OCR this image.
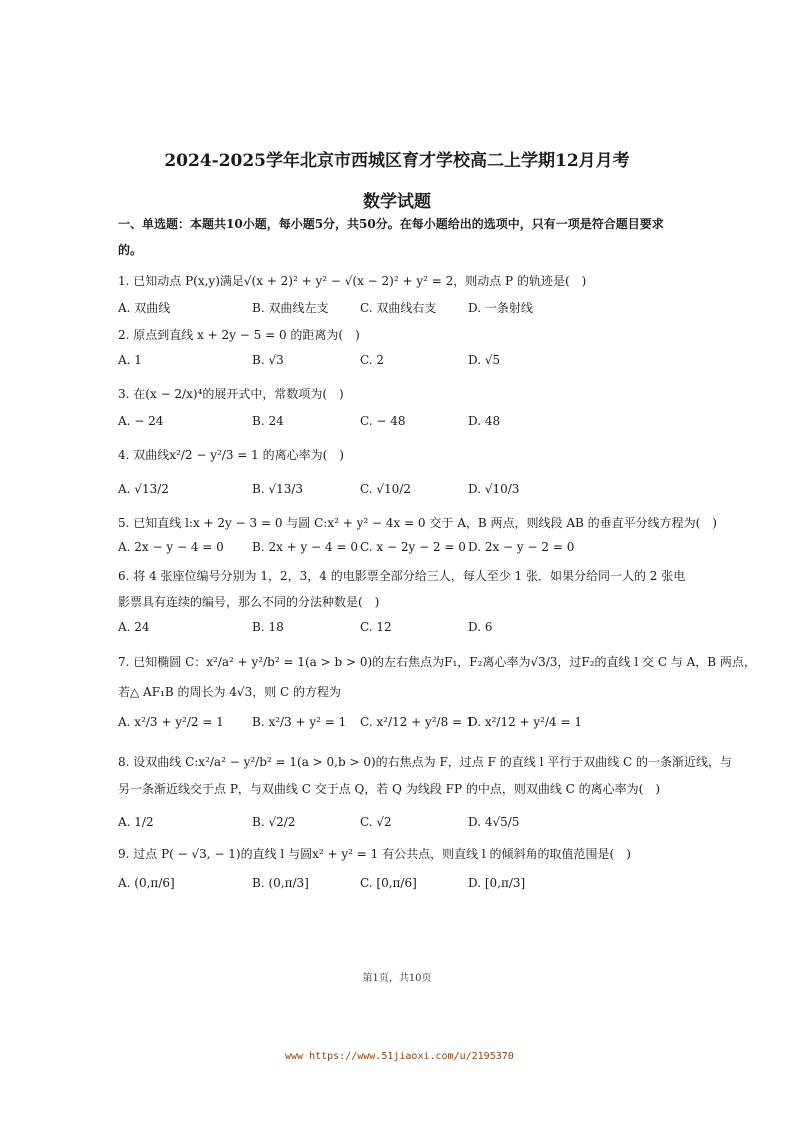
2024-2025学年北京市西城区育才学校高二上学期12月月考
数学试题
一、单选题：本题共10小题，每小题5分，共50分。在每小题给出的选项中，只有一项是符合题目要求的。
1. 已知动点 P(x,y)满足√(x + 2)² + y² − √(x − 2)² + y² = 2，则动点 P 的轨迹是(　)
A. 双曲线	B. 双曲线左支	C. 双曲线右支	D. 一条射线
2. 原点到直线 x + 2y − 5 = 0 的距离为(　)
A. 1	B. √3	C. 2	D. √5
3. 在(x − 2/x)⁴的展开式中，常数项为(　)
A. − 24	B. 24	C. − 48	D. 48
4. 双曲线x²/2 − y²/3 = 1 的离心率为(　)
A. √13/2	B. √13/3	C. √10/2	D. √10/3
5. 已知直线 l:x + 2y − 3 = 0 与圆 C:x² + y² − 4x = 0 交于 A，B 两点，则线段 AB 的垂直平分线方程为(　)
A. 2x − y − 4 = 0 B. 2x + y − 4 = 0 C. x − 2y − 2 = 0 D. 2x − y − 2 = 0
6. 将 4 张座位编号分别为 1，2，3，4 的电影票全部分给三人，每人至少 1 张．如果分给同一人的 2 张电
影票具有连续的编号，那么不同的分法种数是(　)
A. 24	B. 18	C. 12	D. 6
7. 已知椭圆 C：x²/a² + y²/b² = 1(a > b > 0)的左右焦点为F₁，F₂离心率为√3/3，过F₂的直线 l 交 C 与 A，B 两点，
若△ AF₁B 的周长为 4√3，则 C 的方程为
A. x²/3 + y²/2 = 1 B. x²/3 + y² = 1 C. x²/12 + y²/8 = 1
D. x²/12 + y²/4 = 1
8. 设双曲线 C:x²/a² − y²/b² = 1(a > 0,b > 0)的右焦点为 F，过点 F 的直线 l 平行于双曲线 C 的一条渐近线，与
另一条渐近线交于点 P，与双曲线 C 交于点 Q，若 Q 为线段 FP 的中点，则双曲线 C 的离心率为(　)
A. 1/2	B. √2/2	C. √2	D. 4√5/5
9. 过点 P( − √3, − 1)的直线 l 与圆x² + y² = 1 有公共点，则直线 l 的倾斜角的取值范围是(　)
A. (0,π/6]	B. (0,π/3]	C. [0,π/6]	D. [0,π/3]
第1页，共10页
www https://www.51jiaoxi.com/u/2195370
